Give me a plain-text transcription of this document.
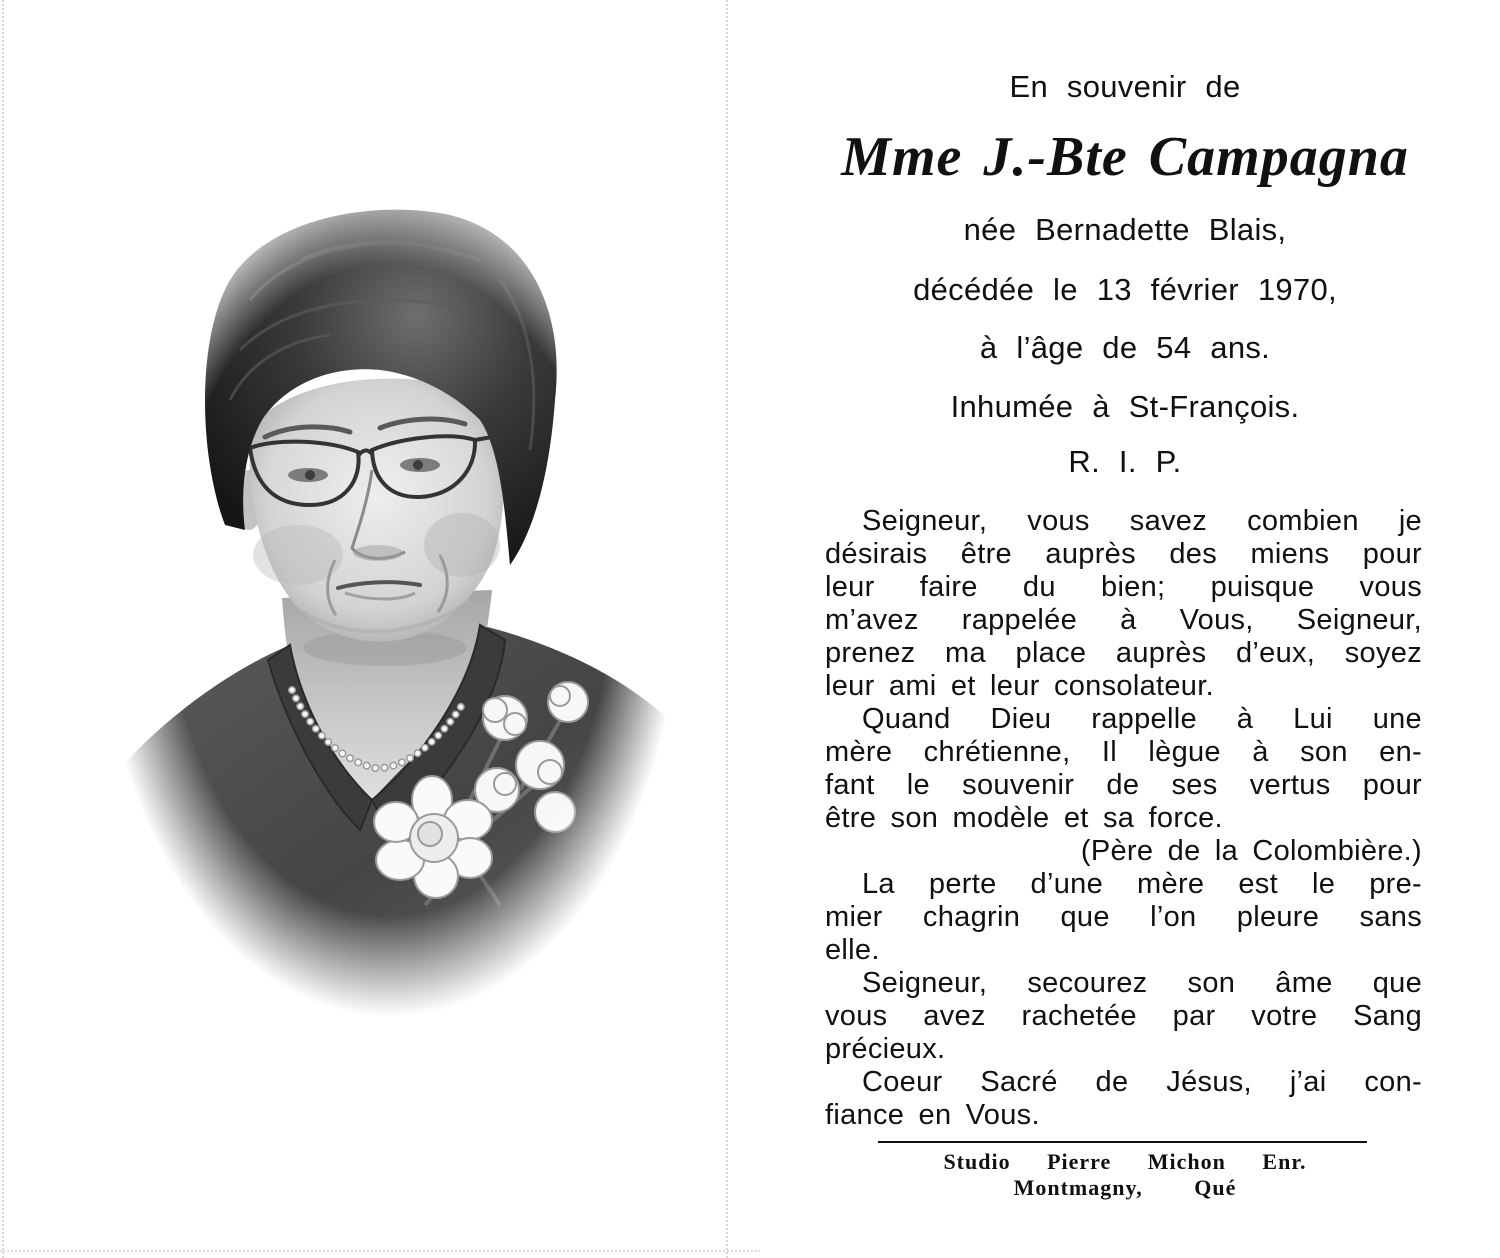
En souvenir de
Mme J.-Bte Campagna
née Bernadette Blais,
décédée le 13 février 1970,
à l’âge de 54 ans.
Inhumée à St-François.
R. I. P.
Seigneur, vous savez combien je
désirais être auprès des miens pour
leur faire du bien; puisque vous
m’avez rappelée à Vous, Seigneur,
prenez ma place auprès d’eux, soyez
leur ami et leur consolateur.
Quand Dieu rappelle à Lui une
mère chrétienne, Il lègue à son en-
fant le souvenir de ses vertus pour
être son modèle et sa force.
(Père de la Colombière.)
La perte d’une mère est le pre-
mier chagrin que l’on pleure sans
elle.
Seigneur, secourez son âme que
vous avez rachetée par votre Sang
précieux.
Coeur Sacré de Jésus, j’ai con-
fiance en Vous.
Studio Pierre Michon Enr.
Montmagny, Qué
